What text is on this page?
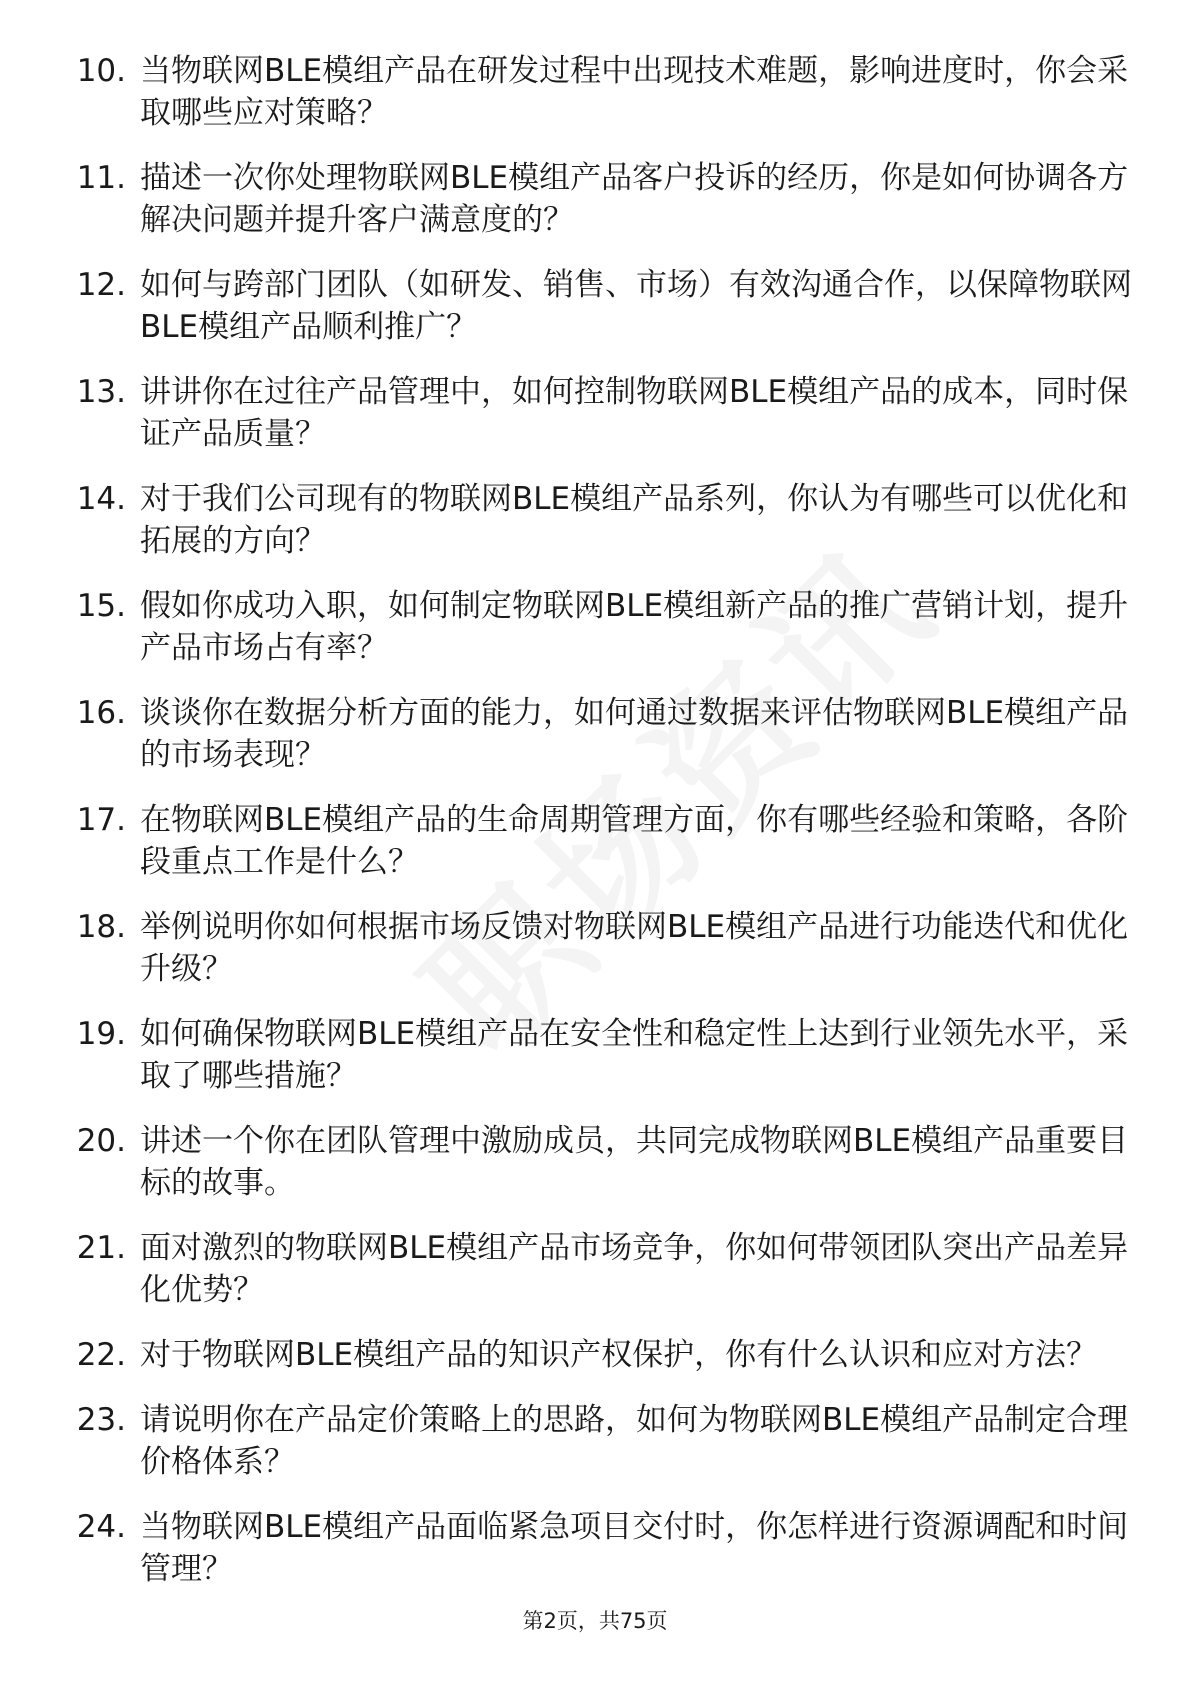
10. 当物联网BLE模组产品在研发过程中出现技术难题，影响进度时，你会采取哪些应对策略？
11. 描述一次你处理物联网BLE模组产品客户投诉的经历，你是如何协调各方解决问题并提升客户满意度的？
12. 如何与跨部门团队（如研发、销售、市场）有效沟通合作，以保障物联网BLE模组产品顺利推广？
13. 讲讲你在过往产品管理中，如何控制物联网BLE模组产品的成本，同时保证产品质量？
14. 对于我们公司现有的物联网BLE模组产品系列，你认为有哪些可以优化和拓展的方向？
15. 假如你成功入职，如何制定物联网BLE模组新产品的推广营销计划，提升产品市场占有率？
16. 谈谈你在数据分析方面的能力，如何通过数据来评估物联网BLE模组产品的市场表现？
17. 在物联网BLE模组产品的生命周期管理方面，你有哪些经验和策略，各阶段重点工作是什么？
18. 举例说明你如何根据市场反馈对物联网BLE模组产品进行功能迭代和优化升级？
19. 如何确保物联网BLE模组产品在安全性和稳定性上达到行业领先水平，采取了哪些措施？
20. 讲述一个你在团队管理中激励成员，共同完成物联网BLE模组产品重要目标的故事。
21. 面对激烈的物联网BLE模组产品市场竞争，你如何带领团队突出产品差异化优势？
22. 对于物联网BLE模组产品的知识产权保护，你有什么认识和应对方法？
23. 请说明你在产品定价策略上的思路，如何为物联网BLE模组产品制定合理价格体系？
24. 当物联网BLE模组产品面临紧急项目交付时，你怎样进行资源调配和时间管理？
第2页，共75页
